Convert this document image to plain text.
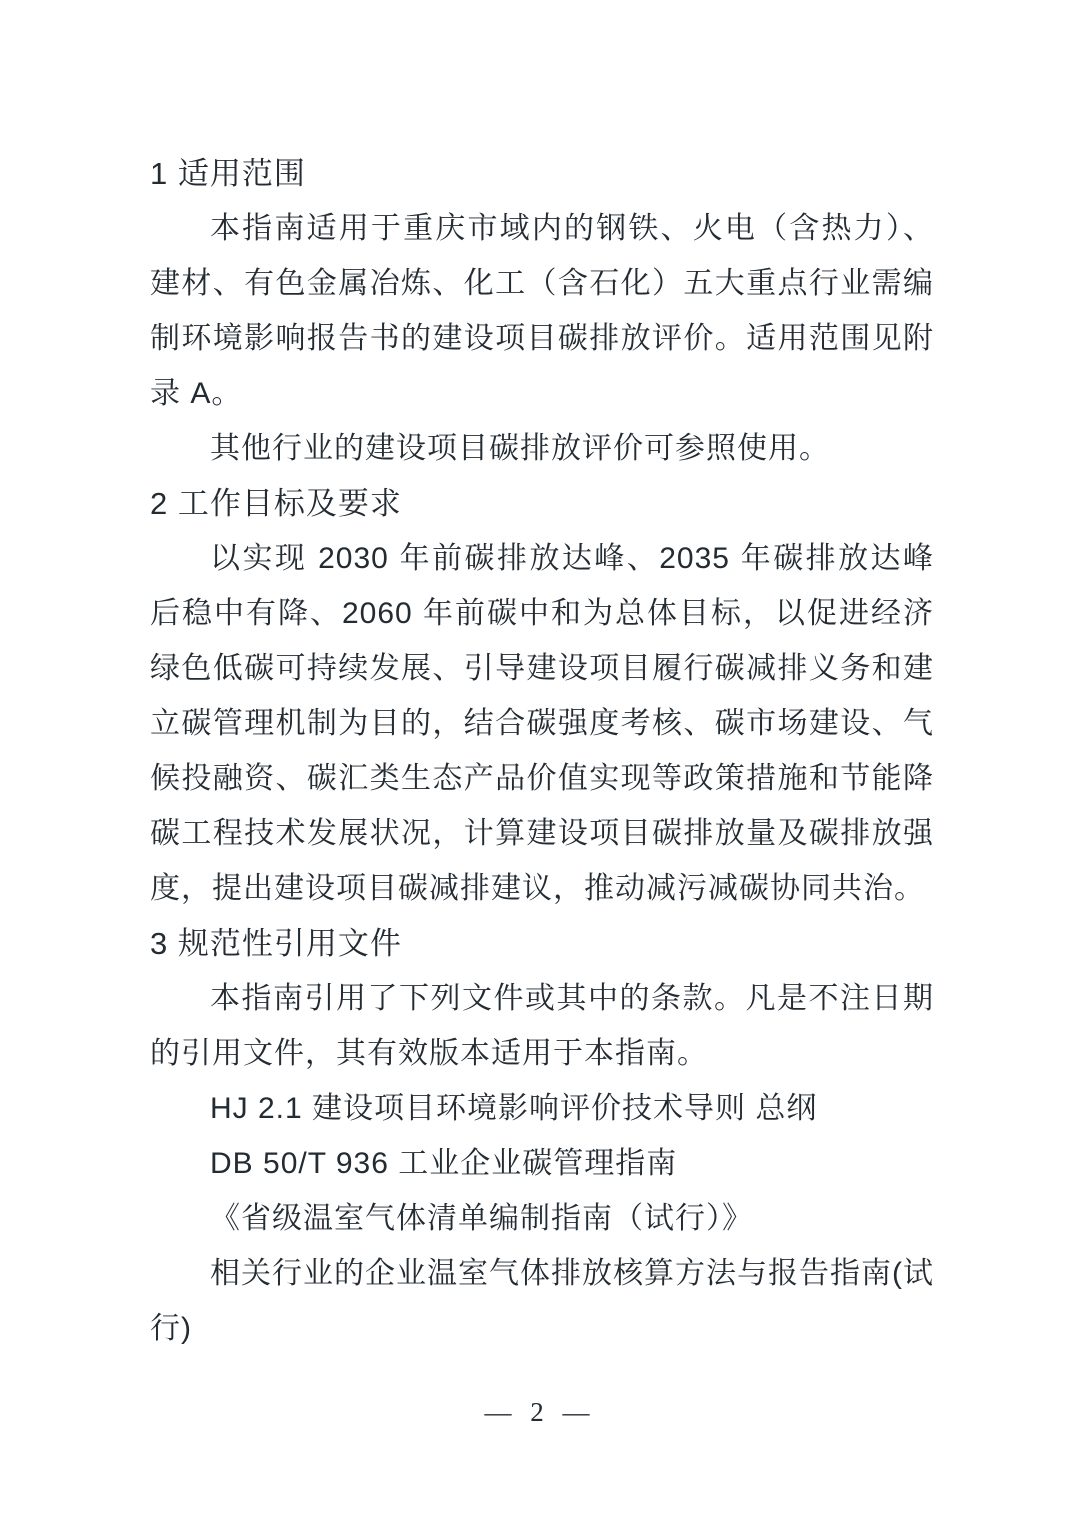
1 适用范围

本指南适用于重庆市域内的钢铁、火电（含热力）、建材、有色金属冶炼、化工（含石化）五大重点行业需编制环境影响报告书的建设项目碳排放评价。适用范围见附录 A。

其他行业的建设项目碳排放评价可参照使用。

2 工作目标及要求

以实现 2030 年前碳排放达峰、2035 年碳排放达峰后稳中有降、2060 年前碳中和为总体目标，以促进经济绿色低碳可持续发展、引导建设项目履行碳减排义务和建立碳管理机制为目的，结合碳强度考核、碳市场建设、气候投融资、碳汇类生态产品价值实现等政策措施和节能降碳工程技术发展状况，计算建设项目碳排放量及碳排放强度，提出建设项目碳减排建议，推动减污减碳协同共治。

3 规范性引用文件

本指南引用了下列文件或其中的条款。凡是不注日期的引用文件，其有效版本适用于本指南。

HJ 2.1 建设项目环境影响评价技术导则 总纲

DB 50/T 936 工业企业碳管理指南

《省级温室气体清单编制指南（试行）》

相关行业的企业温室气体排放核算方法与报告指南(试行)

— 2 —
